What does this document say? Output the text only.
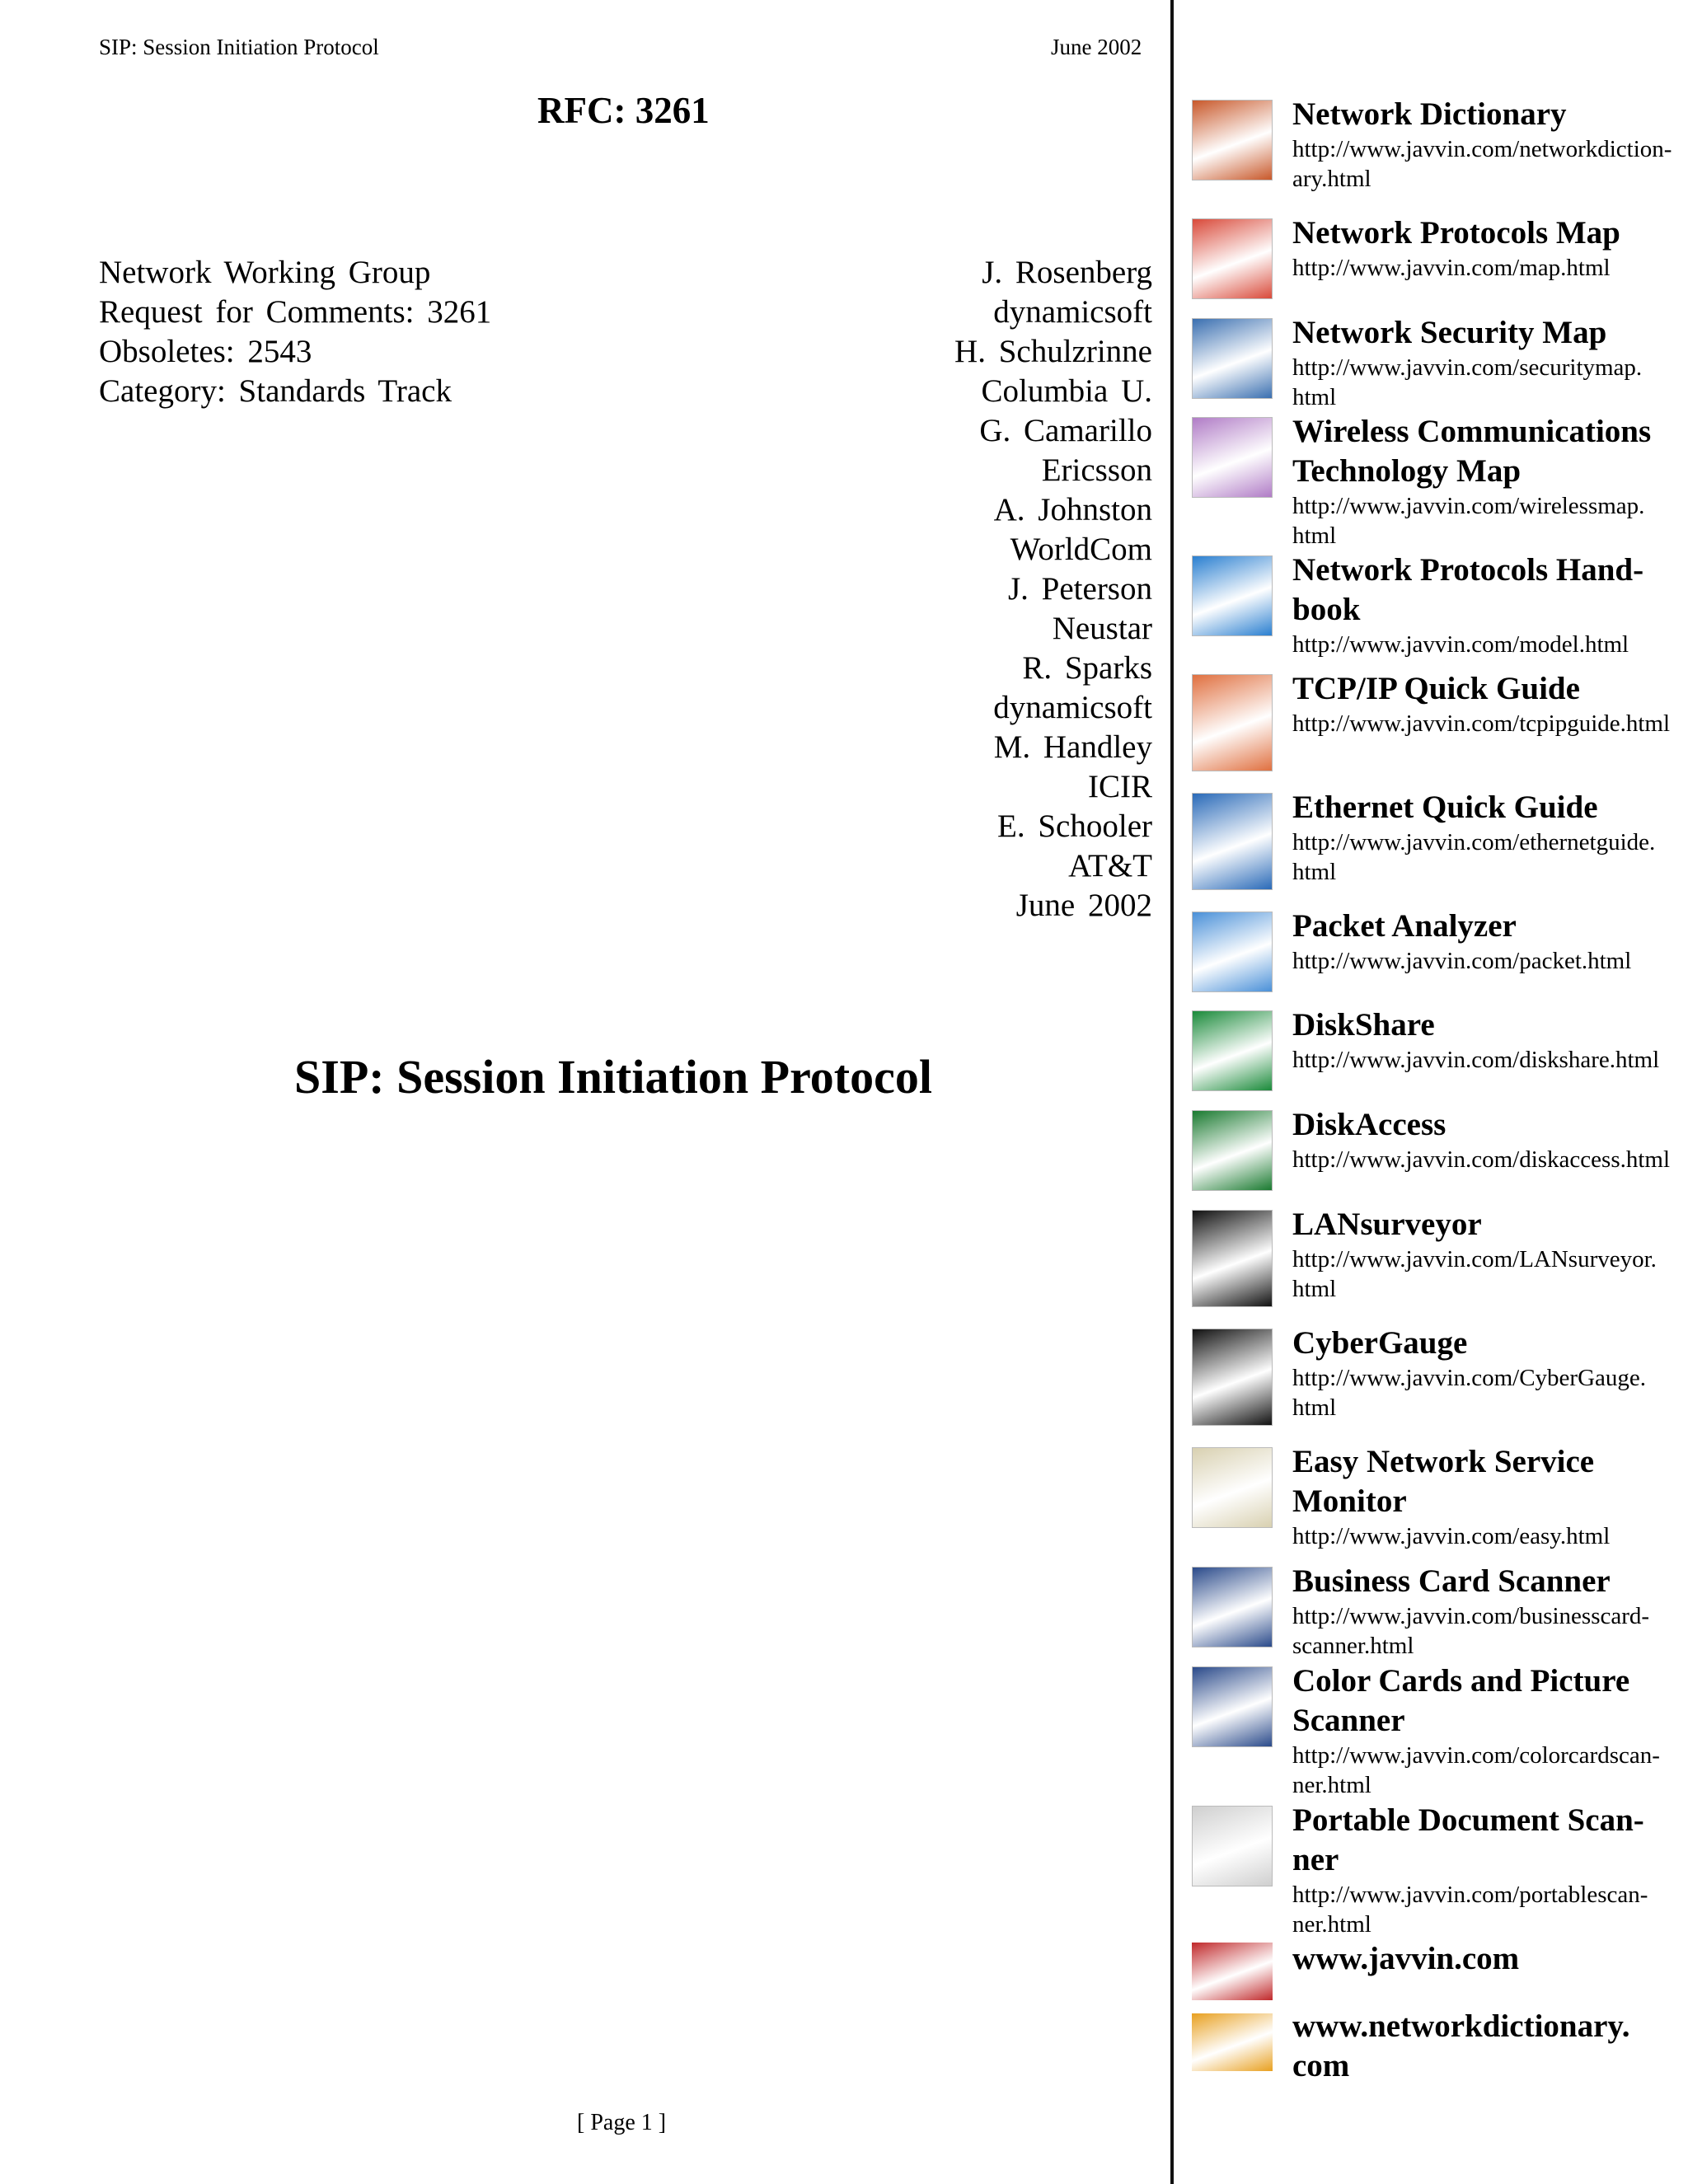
SIP: Session Initiation Protocol	June 2002
RFC: 3261
Network Working Group
Request for Comments: 3261
Obsoletes: 2543
Category: Standards Track
J. Rosenberg
dynamicsoft
H. Schulzrinne
Columbia U.
G. Camarillo
Ericsson
A. Johnston
WorldCom
J. Peterson
Neustar
R. Sparks
dynamicsoft
M. Handley
ICIR
E. Schooler
AT&T
June 2002
SIP: Session Initiation Protocol
[ Page 1 ]
Network Dictionary
http://www.javvin.com/networkdiction-
ary.html
Network Protocols Map
http://www.javvin.com/map.html
Network Security Map
http://www.javvin.com/securitymap.
html
Wireless Communications
Technology Map
http://www.javvin.com/wirelessmap.
html
Network Protocols Hand-
book
http://www.javvin.com/model.html
TCP/IP Quick Guide
http://www.javvin.com/tcpipguide.html
Ethernet Quick Guide
http://www.javvin.com/ethernetguide.
html
Packet Analyzer
http://www.javvin.com/packet.html
DiskShare
http://www.javvin.com/diskshare.html
DiskAccess
http://www.javvin.com/diskaccess.html
LANsurveyor
http://www.javvin.com/LANsurveyor.
html
CyberGauge
http://www.javvin.com/CyberGauge.
html
Easy Network Service
Monitor
http://www.javvin.com/easy.html
Business Card Scanner
http://www.javvin.com/businesscard-
scanner.html
Color Cards and Picture
Scanner
http://www.javvin.com/colorcardscan-
ner.html
Portable Document Scan-
ner
http://www.javvin.com/portablescan-
ner.html
www.javvin.com
www.networkdictionary.
com
